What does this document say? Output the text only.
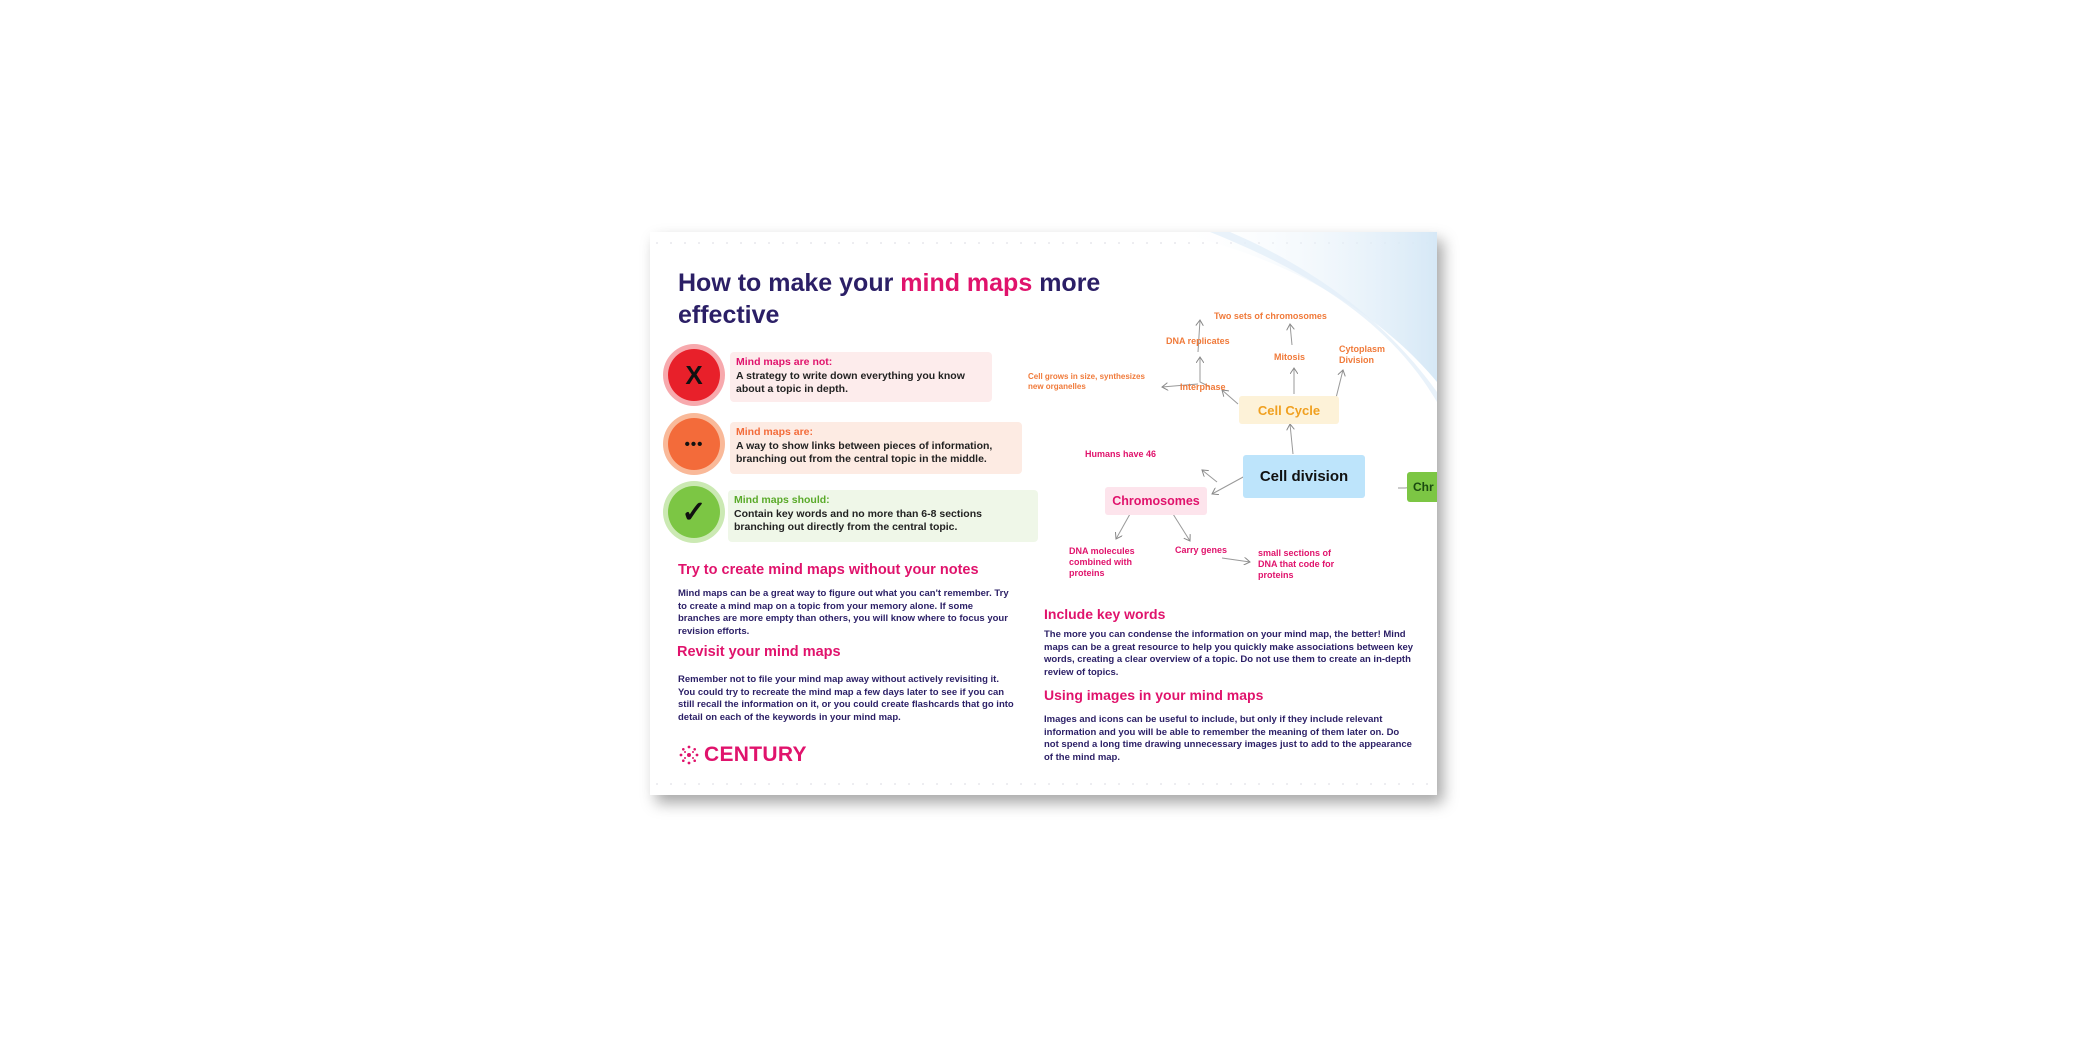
How to make your mind maps more effective
X	Mind maps are not:
A strategy to write down everything you know about a topic in depth.
•••
Mind maps are:
A way to show links between pieces of information, branching out from the central topic in the middle.
✓	Mind maps should:
Contain key words and no more than 6-8 sections branching out directly from the central topic.
Try to create mind maps without your notes
Mind maps can be a great way to figure out what you can't remember. Try to create a mind map on a topic from your memory alone. If some branches are more empty than others, you will know where to focus your revision efforts.
Revisit your mind maps
Remember not to file your mind map away without actively revisiting it. You could try to recreate the mind map a few days later to see if you can still recall the information on it, or you could create flashcards that go into detail on each of the keywords in your mind map.
CENTURY
Include key words
The more you can condense the information on your mind map, the better! Mind maps can be a great resource to help you quickly make associations between key words, creating a clear overview of a topic. Do not use them to create an in-depth review of topics.
Using images in your mind maps
Images and icons can be useful to include, but only if they include relevant information and you will be able to remember the meaning of them later on. Do not spend a long time drawing unnecessary images just to add to the appearance of the mind map.
Cell division
Cell Cycle
Chromosomes
Chr
Interphase
DNA replicates
Two sets of chromosomes
Mitosis
Cytoplasm
Division
Cell grows in size, synthesizes
new organelles
Humans have 46
DNA molecules
combined with
proteins
Carry genes	small sections of
DNA that code for
proteins
